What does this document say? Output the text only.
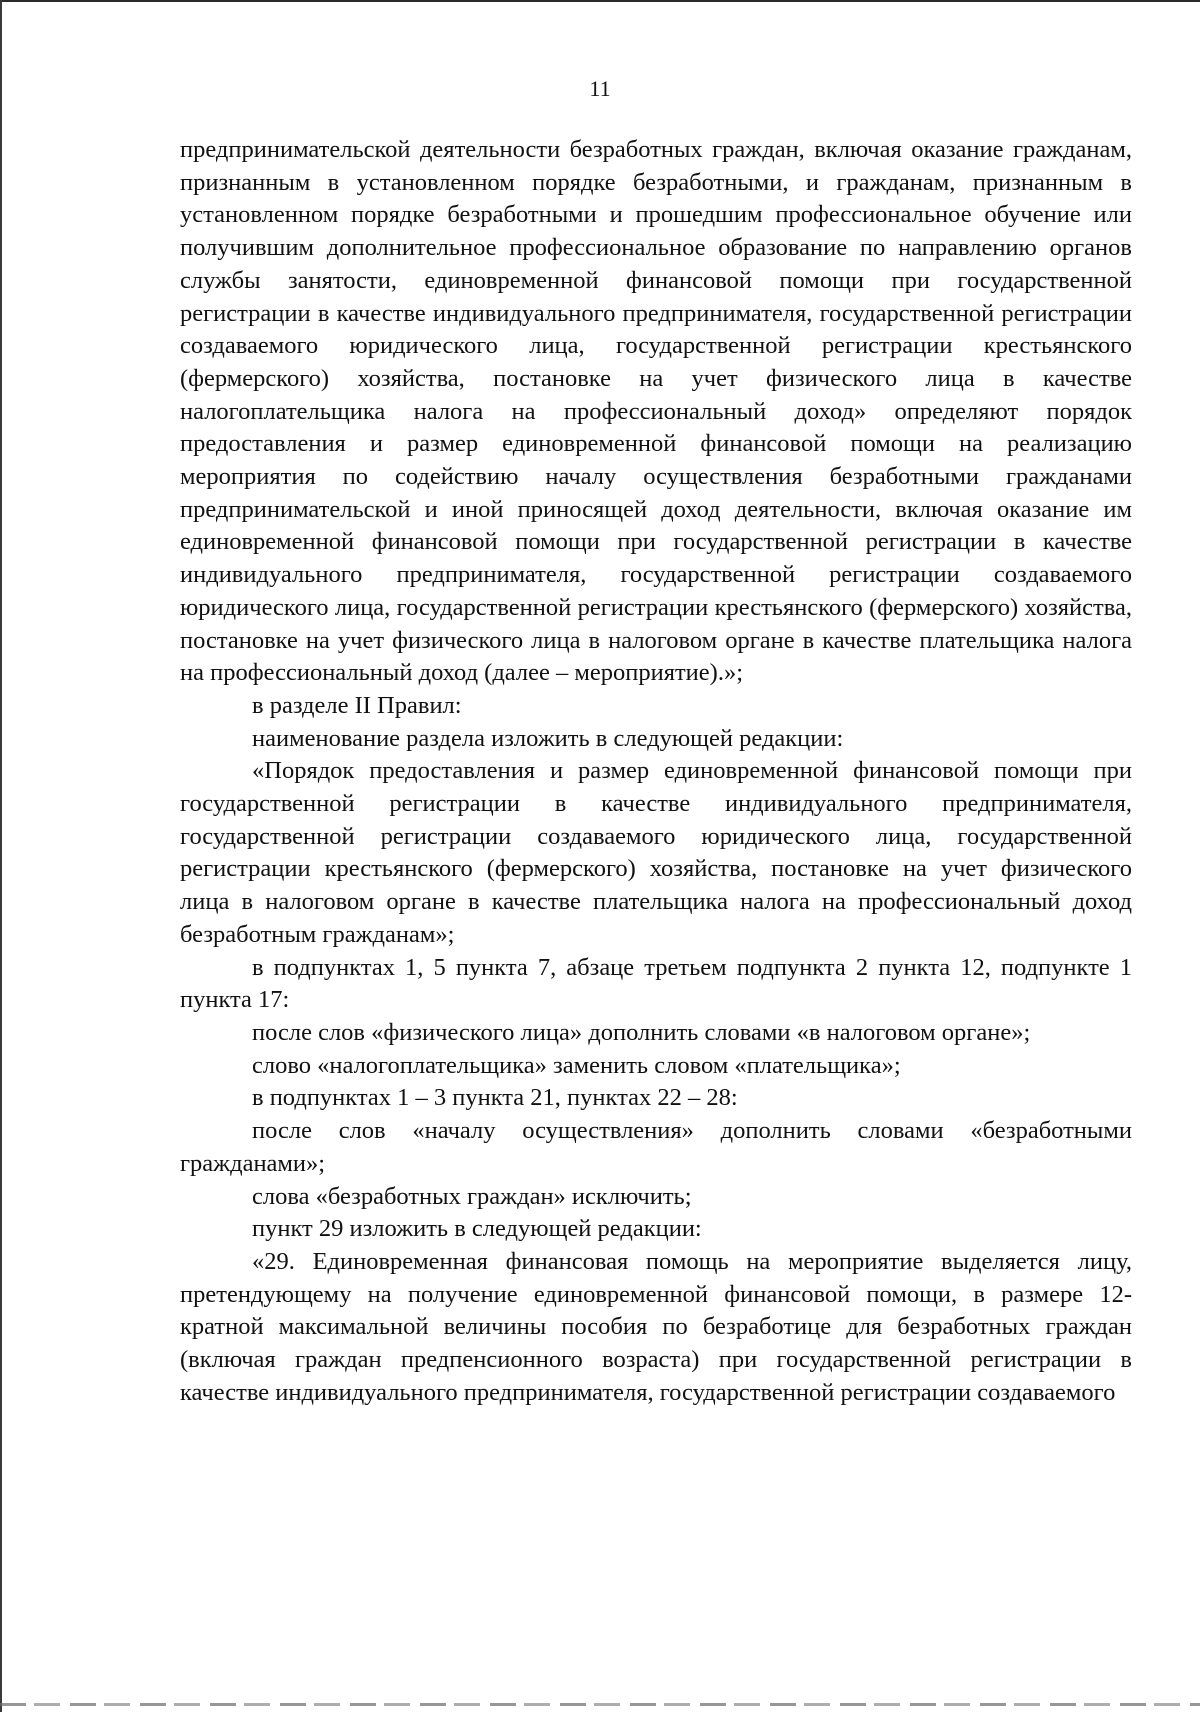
11

предпринимательской деятельности безработных граждан, включая оказание гражданам, признанным в установленном порядке безработными, и гражданам, признанным в установленном порядке безработными и прошедшим профессиональное обучение или получившим дополнительное профессиональное образование по направлению органов службы занятости, единовременной финансовой помощи при государственной регистрации в качестве индивидуального предпринимателя, государственной регистрации создаваемого юридического лица, государственной регистрации крестьянского (фермерского) хозяйства, постановке на учет физического лица в качестве налогоплательщика налога на профессиональный доход» определяют порядок предоставления и размер единовременной финансовой помощи на реализацию мероприятия по содействию началу осуществления безработными гражданами предпринимательской и иной приносящей доход деятельности, включая оказание им единовременной финансовой помощи при государственной регистрации в качестве индивидуального предпринимателя, государственной регистрации создаваемого юридического лица, государственной регистрации крестьянского (фермерского) хозяйства, постановке на учет физического лица в налоговом органе в качестве плательщика налога на профессиональный доход (далее – мероприятие).»;

в разделе II Правил:

наименование раздела изложить в следующей редакции:

«Порядок предоставления и размер единовременной финансовой помощи при государственной регистрации в качестве индивидуального предпринимателя, государственной регистрации создаваемого юридического лица, государственной регистрации крестьянского (фермерского) хозяйства, постановке на учет физического лица в налоговом органе в качестве плательщика налога на профессиональный доход безработным гражданам»;

в подпунктах 1, 5 пункта 7, абзаце третьем подпункта 2 пункта 12, подпункте 1 пункта 17:

после слов «физического лица» дополнить словами «в налоговом органе»;

слово «налогоплательщика» заменить словом «плательщика»;

в подпунктах 1 – 3 пункта 21, пунктах 22 – 28:

после слов «началу осуществления» дополнить словами «безработными гражданами»;

слова «безработных граждан» исключить;

пункт 29 изложить в следующей редакции:

«29. Единовременная финансовая помощь на мероприятие выделяется лицу, претендующему на получение единовременной финансовой помощи, в размере 12-кратной максимальной величины пособия по безработице для безработных граждан (включая граждан предпенсионного возраста) при государственной регистрации в качестве индивидуального предпринимателя, государственной регистрации создаваемого
